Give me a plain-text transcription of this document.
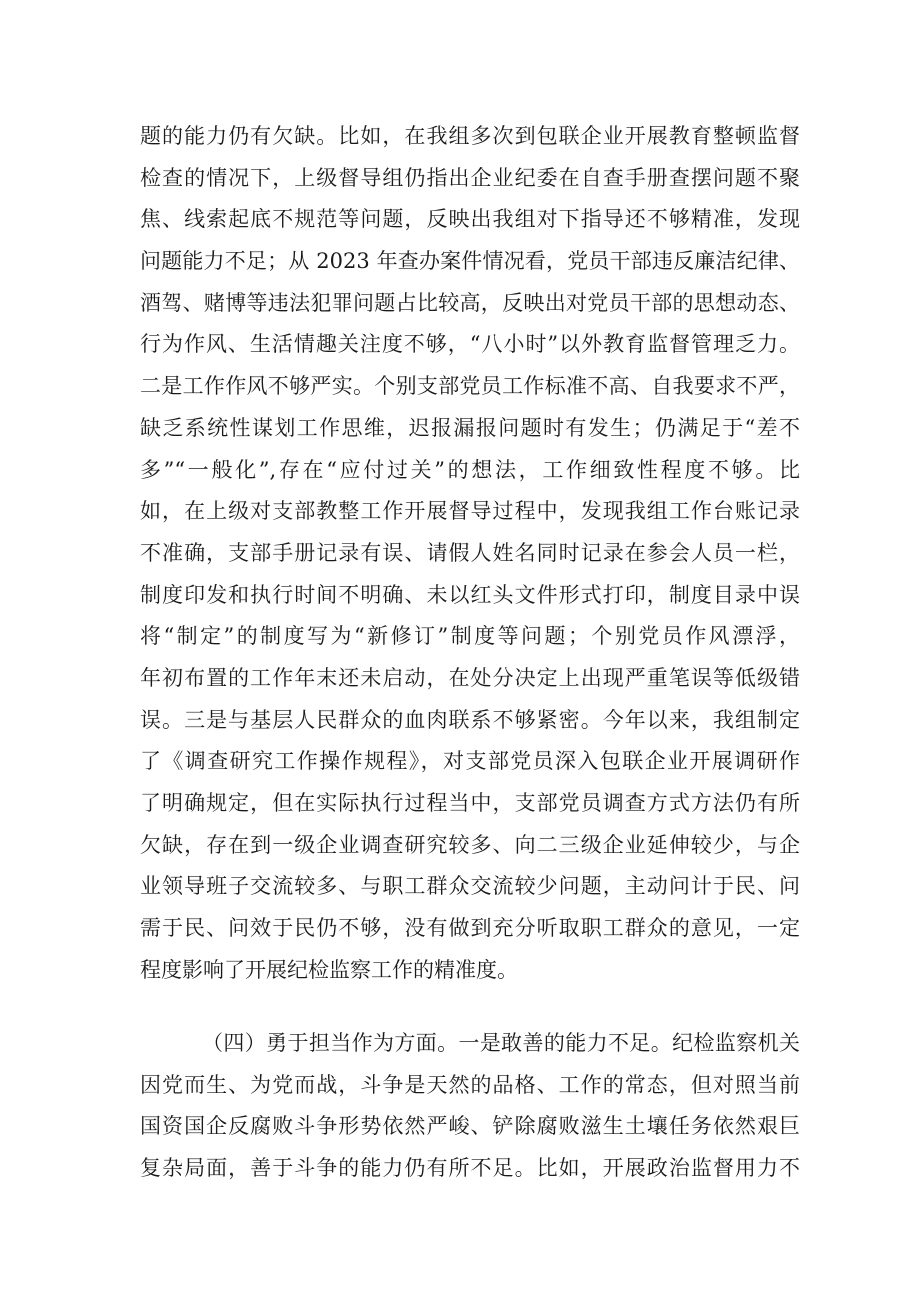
题的能力仍有欠缺。比如，在我组多次到包联企业开展教育整顿监督
检查的情况下，上级督导组仍指出企业纪委在自查手册查摆问题不聚
焦、线索起底不规范等问题，反映出我组对下指导还不够精准，发现
问题能力不足；从 2023 年查办案件情况看，党员干部违反廉洁纪律、
酒驾、赌博等违法犯罪问题占比较高，反映出对党员干部的思想动态、
行为作风、生活情趣关注度不够，“八小时”以外教育监督管理乏力。
二是工作作风不够严实。个别支部党员工作标准不高、自我要求不严，
缺乏系统性谋划工作思维，迟报漏报问题时有发生；仍满足于“差不
多”“一般化”,存在“应付过关”的想法，工作细致性程度不够。比
如，在上级对支部教整工作开展督导过程中，发现我组工作台账记录
不准确，支部手册记录有误、请假人姓名同时记录在参会人员一栏，
制度印发和执行时间不明确、未以红头文件形式打印，制度目录中误
将“制定”的制度写为“新修订”制度等问题；个别党员作风漂浮，
年初布置的工作年末还未启动，在处分决定上出现严重笔误等低级错
误。三是与基层人民群众的血肉联系不够紧密。今年以来，我组制定
了《调查研究工作操作规程》，对支部党员深入包联企业开展调研作
了明确规定，但在实际执行过程当中，支部党员调查方式方法仍有所
欠缺，存在到一级企业调查研究较多、向二三级企业延伸较少，与企
业领导班子交流较多、与职工群众交流较少问题，主动问计于民、问
需于民、问效于民仍不够，没有做到充分听取职工群众的意见，一定
程度影响了开展纪检监察工作的精准度。
（四）勇于担当作为方面。一是敢善的能力不足。纪检监察机关
因党而生、为党而战，斗争是天然的品格、工作的常态，但对照当前
国资国企反腐败斗争形势依然严峻、铲除腐败滋生土壤任务依然艰巨
复杂局面，善于斗争的能力仍有所不足。比如，开展政治监督用力不
